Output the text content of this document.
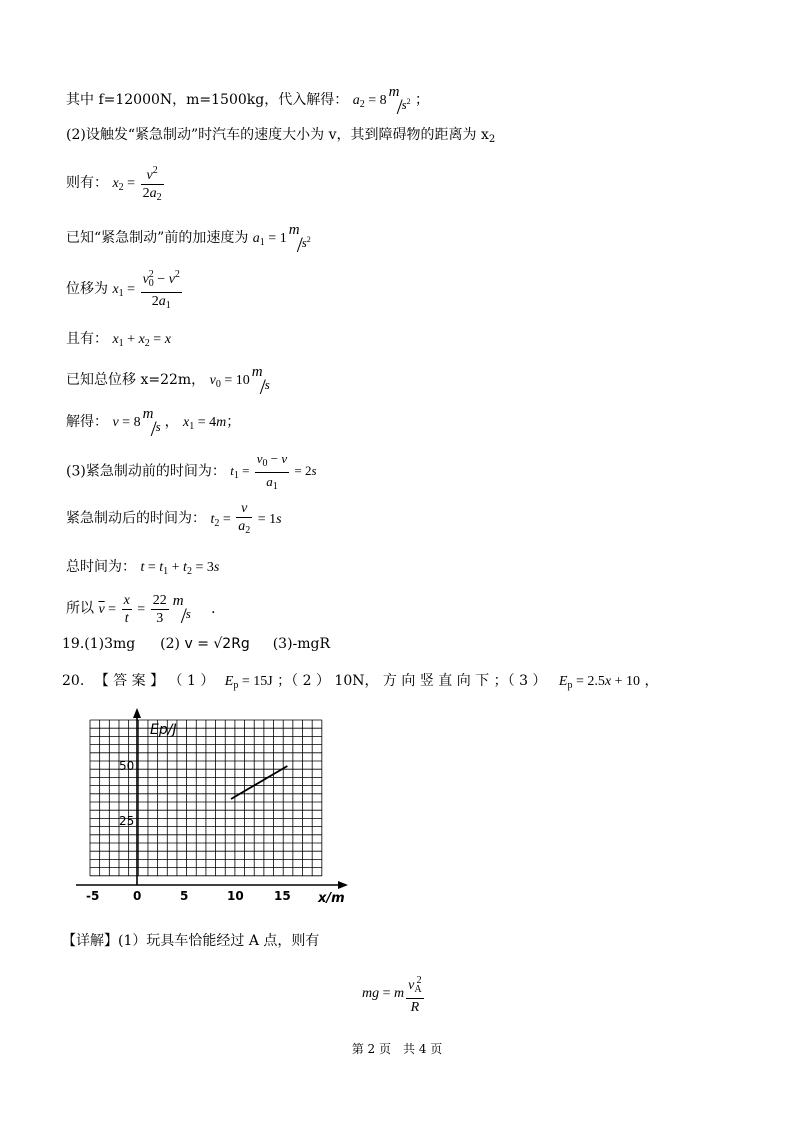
其中 f=12000N，m=1500kg，代入解得： $a_2 = 8$
m
/
$s^2$ ；
(2)设触发“紧急制动”时汽车的速度大小为 v，其到障碍物的距离为 $x_2$
则有： $x_2 = \frac{v^2}{2a_2}$
已知“紧急制动”前的加速度为 $a_1 = 1$
m
/
$s^2$
位移为 $x_1 = \frac{v_0^2 - v^2}{2a_1}$
且有： $x_1 + x_2 = x$
已知总位移 x=22m， $v_0 = 10$
m
/
s
解得： v = 8
m
/
s ， $x_1 = 4m$；
(3)紧急制动前的时间为： $t_1 = \frac{v_0 - v}{a_1} = 2s$
紧急制动后的时间为： $t_2 = \frac{v}{a_2} = 1s$
总时间为： $t = t_1 + t_2 = 3s$
所以 $\overline{v} = \frac{x}{t} = \frac{22}{3}$ m
/
s ．
19.(1)3mg (2) v = √2Rg (3)-mgR
20. 【 答 案 】 （ 1 ） $E_p = 15J$ ；（ 2 ） 10N， 方 向 竖 直 向 下 ；（ 3 ） $E_p = 2.5x + 10$ ，
-5	0	5	10	15
25
50
Ep/J
x/m
【详解】(1）玩具车恰能经过 A 点，则有
mg = m $\frac{v_A^2}{R}$
第 2 页　共 4 页
